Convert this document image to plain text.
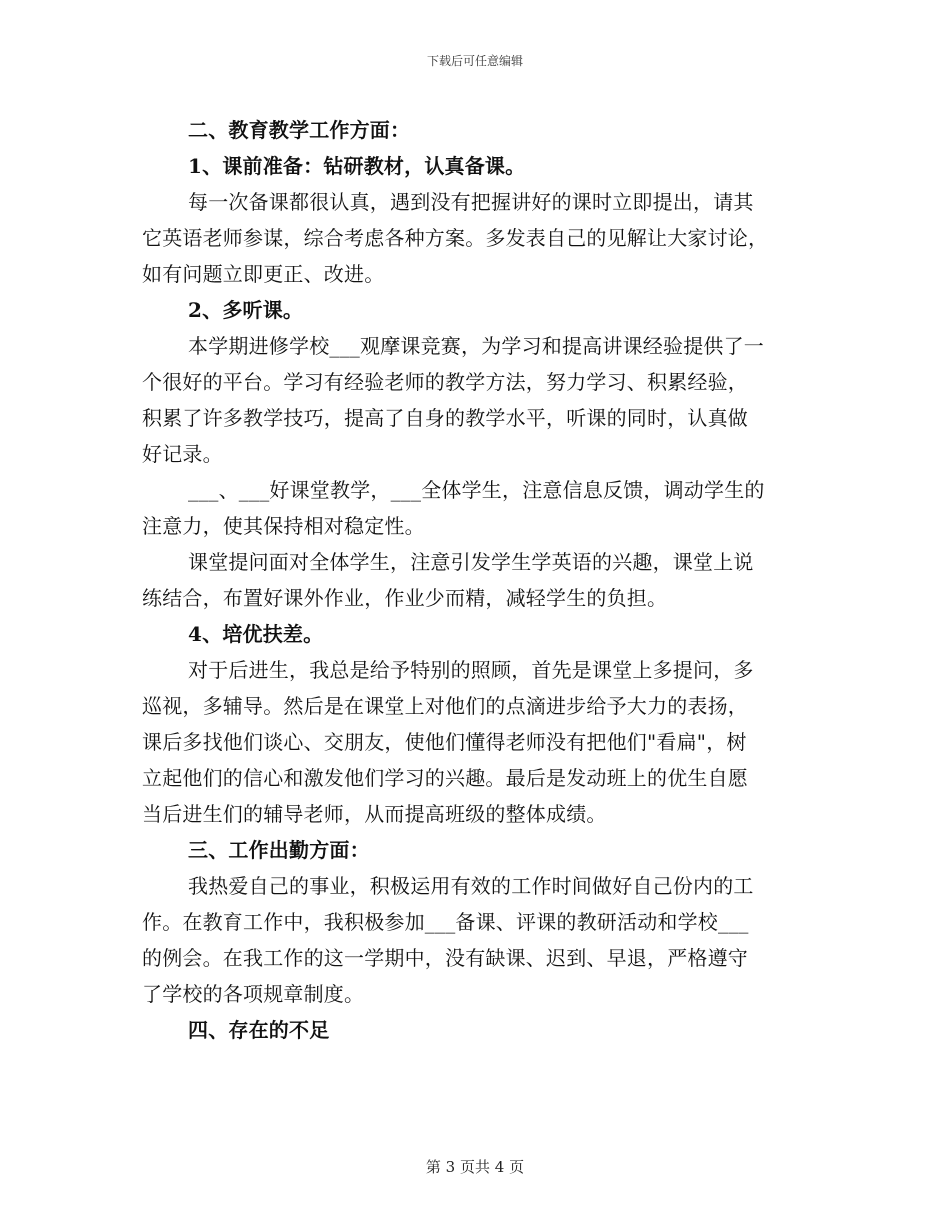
下载后可任意编辑
二、教育教学工作方面：
1、课前准备：钻研教材，认真备课。
每一次备课都很认真，遇到没有把握讲好的课时立即提出，请其
它英语老师参谋，综合考虑各种方案。多发表自己的见解让大家讨论，
如有问题立即更正、改进。
2、多听课。
本学期进修学校___观摩课竞赛，为学习和提高讲课经验提供了一
个很好的平台。学习有经验老师的教学方法，努力学习、积累经验，
积累了许多教学技巧，提高了自身的教学水平，听课的同时，认真做
好记录。
___、___好课堂教学，___全体学生，注意信息反馈，调动学生的
注意力，使其保持相对稳定性。
课堂提问面对全体学生，注意引发学生学英语的兴趣，课堂上说
练结合，布置好课外作业，作业少而精，减轻学生的负担。
4、培优扶差。
对于后进生，我总是给予特别的照顾，首先是课堂上多提问，多
巡视，多辅导。然后是在课堂上对他们的点滴进步给予大力的表扬，
课后多找他们谈心、交朋友，使他们懂得老师没有把他们"看扁"，树
立起他们的信心和激发他们学习的兴趣。最后是发动班上的优生自愿
当后进生们的辅导老师，从而提高班级的整体成绩。
三、工作出勤方面：
我热爱自己的事业，积极运用有效的工作时间做好自己份内的工
作。在教育工作中，我积极参加___备课、评课的教研活动和学校___
的例会。在我工作的这一学期中，没有缺课、迟到、早退，严格遵守
了学校的各项规章制度。
四、存在的不足
第 3 页共 4 页
